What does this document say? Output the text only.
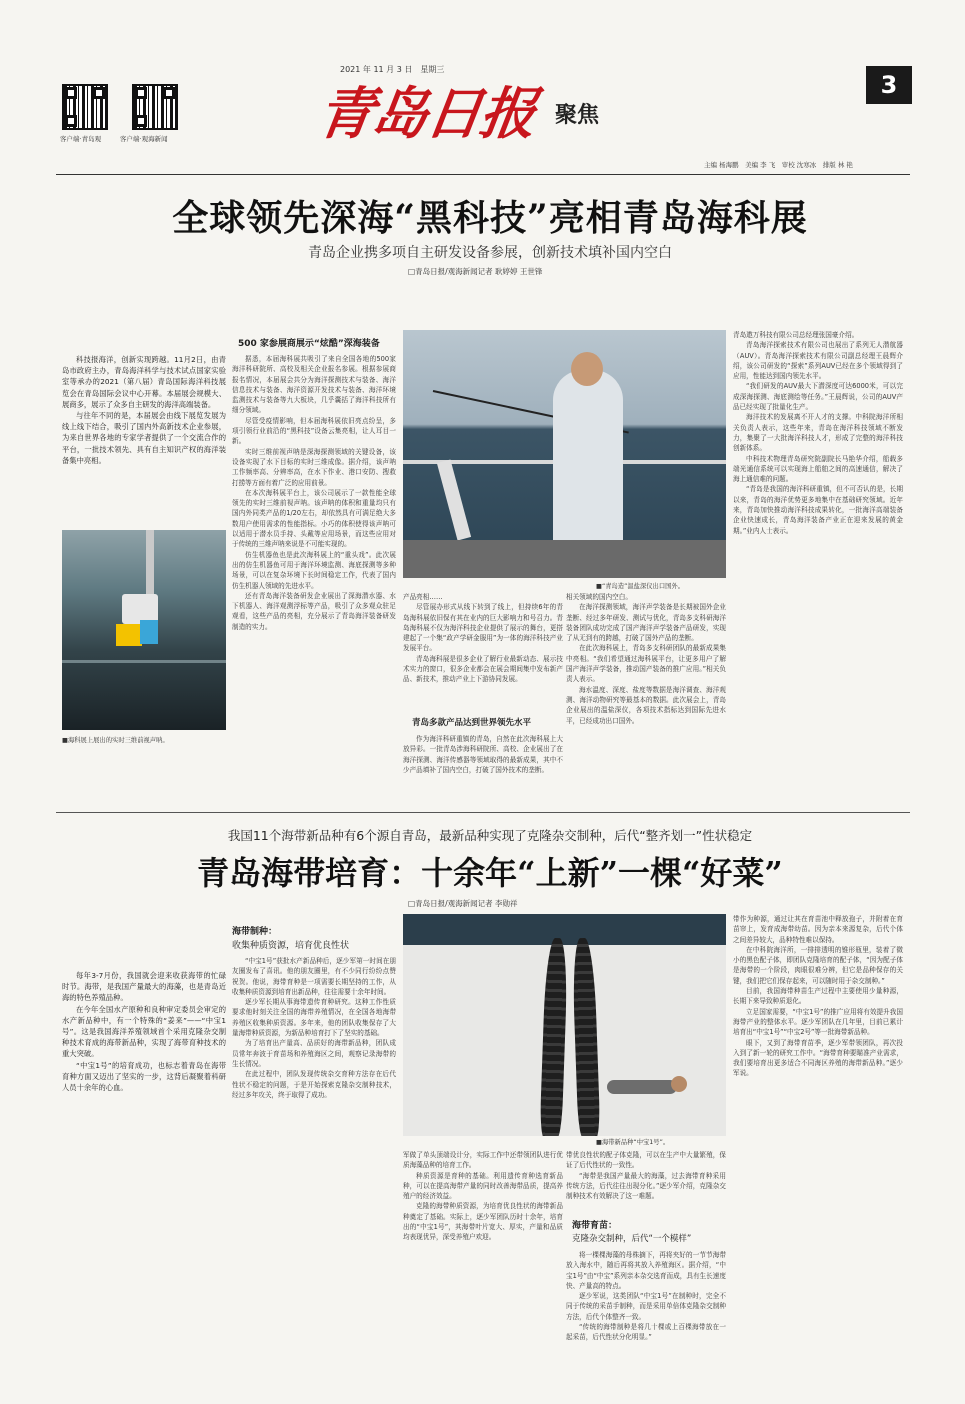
客户端·青岛观	客户端·观海新闻
2021 年 11 月 3 日　星期三
青岛日报 聚焦
3
主编 杨海鹏　美编 李 飞　审校 沈寒冰　排版 林 艳
全球领先深海“黑科技”亮相青岛海科展
青岛企业携多项自主研发设备参展，创新技术填补国内空白
□青岛日报/观海新闻记者 耿婷婷 王世锋

科技报海洋，创新实现跨越。11月2日，由青岛市政府主办，青岛海洋科学与技术试点国家实验室等承办的2021（第八届）青岛国际海洋科技展览会在青岛国际会议中心开幕。本届展会规模大、展商多，展示了众多自主研发的海洋高端装备。

与往年不同的是，本届展会由线下展览发展为线上线下结合，吸引了国内外高新技术企业参展，为来自世界各地的专家学者提供了一个交流合作的平台，一批技术领先、具有自主知识产权的海洋装备集中亮相。

■海科展上展出的实时三维前视声呐。
500 家参展商展示“炫酷”深海装备

据悉，本届海科展共吸引了来自全国各地的500家海洋科研院所、高校及相关企业报名参展。根据参展商报名情况，本届展会共分为海洋探测技术与装备、海洋信息技术与装备、海洋资源开发技术与装备、海洋环境监测技术与装备等九大板块，几乎囊括了海洋科技所有细分领域。

尽管受疫情影响，但本届海科展依旧亮点纷呈，多项引领行业前沿的“黑科技”设备云集亮相，让人耳目一新。

实时三维前视声呐是深海探测领域的关键设备，该设备实现了水下目标的实时三维成像。据介绍，该声呐工作频率高、分辨率高，在水下作业、港口安防、搜救打捞等方面有着广泛的应用前景。

在本次海科展平台上，该公司展示了一款性能全球领先的实时三维前视声呐。该声呐的体积和重量均只有国内外同类产品的1/20左右，却依然具有可满足绝大多数用户使用需求的性能指标。小巧的体积使得该声呐可以适用于潜水员手持、头戴等应用场景，而这些应用对于传统的三维声呐来说是不可能实现的。

仿生机器鱼也是此次海科展上的“重头戏”。此次展出的仿生机器鱼可用于海洋环境监测、海底探测等多种场景，可以在复杂环境下长时间稳定工作，代表了国内仿生机器人领域的先进水平。

还有青岛海洋装备研发企业展出了深海潜水器、水下机器人、海洋观测浮标等产品，吸引了众多观众驻足观看，这些产品的亮相，充分展示了青岛海洋装备研发制造的实力。

■“青岛造”温盐深仪出口国外。

产品亮相……

尽管展办形式从线下转到了线上，但持续6年的青岛海科展依旧保有其在业内的巨大影响力和号召力。青岛海科展不仅为海洋科技企业提供了展示的舞台，更搭建起了一个集“政产学研金服用”为一体的海洋科技产业发展平台。

青岛海科展是很多企业了解行业最新动态、展示技术实力的窗口，很多企业都会在展会期间集中发布新产品、新技术，推动产业上下游协同发展。

青岛多款产品达到世界领先水平

作为海洋科研重镇的青岛，自然在此次海科展上大放异彩。一批青岛涉海科研院所、高校、企业展出了在海洋探测、海洋传感器等领域取得的最新成果，其中不少产品填补了国内空白，打破了国外技术的垄断。

相关领域的国内空白。

在海洋探测领域，海洋声学装备是长期被国外企业垄断、经过多年研发、测试与优化，青岛多支科研海洋装备团队成功完成了国产海洋声学装备产品研发，实现了从无到有的跨越，打破了国外产品的垄断。

在此次海科展上，青岛多支科研团队的最新成果集中亮相。“我们希望通过海科展平台，让更多用户了解国产海洋声学装备，推动国产装备的推广应用。”相关负责人表示。

海水温度、深度、盐度等数据是海洋调查、海洋观测、海洋动物研究等最基本的数据。此次展会上，青岛企业展出的温盐深仪，各项技术指标达到国际先进水平，已经成功出口国外。

青岛遨万科技有限公司总经理张国豪介绍。

青岛海洋探索技术有限公司也展出了系列无人潜航器（AUV）。青岛海洋探索技术有限公司副总经理王晨辉介绍，该公司研发的“探索”系列AUV已经在多个领域得到了应用，性能达到国内领先水平。

“我们研发的AUV最大下潜深度可达6000米，可以完成深海探测、海底测绘等任务。”王晨辉说，公司的AUV产品已经实现了批量化生产。

海洋技术的发展离不开人才的支撑。中科院海洋所相关负责人表示，这些年来，青岛在海洋科技领域不断发力，集聚了一大批海洋科技人才，形成了完整的海洋科技创新体系。

中科技术物理青岛研究院副院长马艳华介绍，船载多端光通信系统可以实现海上船舶之间的高速通信，解决了海上通信难的问题。

“青岛是我国的海洋科研重镇，但不可否认的是，长期以来，青岛的海洋优势更多地集中在基础研究领域。近年来，青岛加快推动海洋科技成果转化，一批海洋高端装备企业快速成长，青岛海洋装备产业正在迎来发展的黄金期。”业内人士表示。

我国11个海带新品种有6个源自青岛，最新品种实现了克隆杂交制种，后代“整齐划一”性状稳定
青岛海带培育：十余年“上新”一棵“好菜”
□青岛日报/观海新闻记者 李勋祥

每年3-7月份，我国就会迎来收获海带的忙碌时节。海带，是我国产量最大的海藻，也是青岛近海的特色养殖品种。

在今年全国水产原种和良种审定委员会审定的水产新品种中，有一个特殊的“姜来”——“中宝1号”。这是我国海洋养殖领域首个采用克隆杂交制种技术育成的海带新品种，实现了海带育种技术的重大突破。

“中宝1号”的培育成功，也标志着青岛在海带育种方面又迈出了坚实的一步，这背后凝聚着科研人员十余年的心血。

海带制种：
收集种质资源，培育优良性状

“中宝1号”获批水产新品种后，逐少军第一时间在朋友圈发布了喜讯。他的朋友圈里，有不少同行纷纷点赞祝贺。他说，海带育种是一项需要长期坚持的工作，从收集种质资源到培育出新品种，往往需要十余年时间。

逐少军长期从事海带遗传育种研究。这种工作性质要求他时刻关注全国的海带养殖情况，在全国各地海带养殖区收集种质资源。多年来，他的团队收集保存了大量海带种质资源，为新品种培育打下了坚实的基础。

为了培育出产量高、品质好的海带新品种，团队成员常年奔波于育苗场和养殖海区之间，观察记录海带的生长情况。

在此过程中，团队发现传统杂交育种方法存在后代性状不稳定的问题，于是开始探索克隆杂交制种技术，经过多年攻关，终于取得了成功。

■海带新品种“中宝1号”。

军做了单头顶端设计分，实际工作中还带领团队进行优质海藻品种的培育工作。

种质资源是育种的基础。利用遗传育种选育新品种，可以在提高海带产量的同时改善海带品质，提高养殖户的经济效益。

克隆的海带种质资源，为培育优良性状的海带新品种奠定了基础。实际上，逐少军团队历时十余年，培育出的“中宝1号”，其海带叶片宽大、厚实，产量和品质均表现优异，深受养殖户欢迎。

带优良性状的配子体克隆，可以在生产中大量繁殖，保证了后代性状的一致性。

“海带是我国产量最大的海藻，过去海带育种采用传统方法，后代往往出现分化。”逐少军介绍，克隆杂交制种技术有效解决了这一难题。

海带育苗：
克隆杂交制种，后代“一个模样”

将一棵棵海藻的母株摘下，再将夹好的一节节海带放入海水中，随后再将其放入养殖海区。据介绍，“中宝1号”由“中宝”系列亲本杂交选育而成，具有生长速度快、产量高的特点。

逐少军说，这类团队“中宝1号”在制种时，完全不同于传统的采苗手制种，而是采用单倍体克隆杂交制种方法，后代个体整齐一致。

“传统的海带制种是将几十棵或上百棵海带放在一起采苗，后代性状分化明显。”

带作为种源，通过让其在育苗池中释放孢子，并附着在育苗帘上，发育成海带幼苗。因为亲本来源复杂，后代个体之间差异较大，品种特性难以保持。

在中科院海洋所，一排排透明的锥形瓶里，装着了微小的黑色配子体，即团队克隆培育的配子体，“因为配子体是海带的一个阶段，肉眼很难分辨，但它是品种保存的关键，我们把它们保存起来，可以随时用于杂交制种。”

目前，我国海带种苗生产过程中主要使用少量种源，长期下来导致种质退化。

立足国家需要，“中宝1号”的推广应用将有效提升我国海带产业的整体水平。逐少军团队在几年里，目前已累计培育出“中宝1号”“中宝2号”等一批海带新品种。

眼下，又到了海带育苗季，逐少军带领团队，再次投入到了新一轮的研究工作中。“海带育种要瞄准产业需求，我们要培育出更多适合不同海区养殖的海带新品种。”逐少军说。
